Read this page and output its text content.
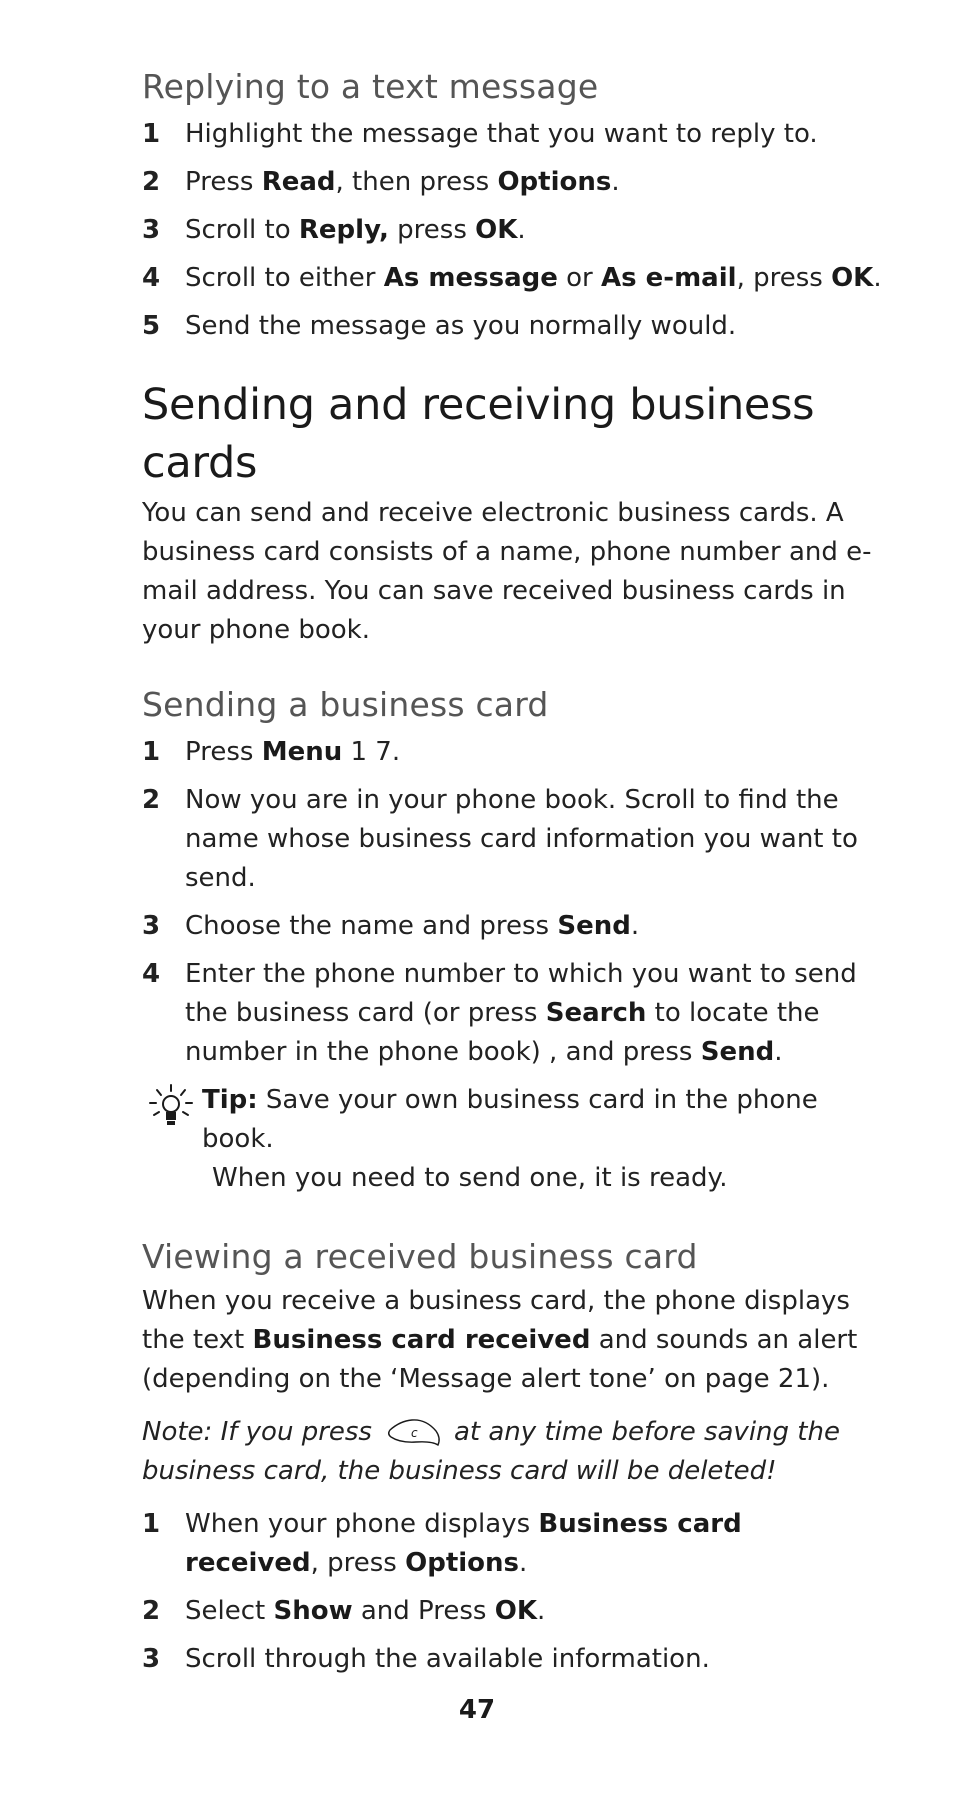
Replying to a text message
1 Highlight the message that you want to reply to.
2 Press Read, then press Options.
3 Scroll to Reply, press OK.
4 Scroll to either As message or As e-mail, press OK.
5 Send the message as you normally would.
Sending and receiving business cards

You can send and receive electronic business cards. A business card consists of a name, phone number and e-mail address. You can save received business cards in your phone book.

Sending a business card
1 Press Menu 1 7.
2 Now you are in your phone book. Scroll to find the name whose business card information you want to send.
3 Choose the name and press Send.
4 Enter the phone number to which you want to send the business card (or press Search to locate the number in the phone book) , and press Send.
Tip: Save your own business card in the phone book.
When you need to send one, it is ready.
Viewing a received business card

When you receive a business card, the phone displays the text Business card received and sounds an alert (depending on the ‘Message alert tone’ on page 21).

Note: If you press	c at any time before saving the business card, the business card will be deleted!

1 When your phone displays Business card received, press Options.
2 Select Show and Press OK.
3 Scroll through the available information.
47
